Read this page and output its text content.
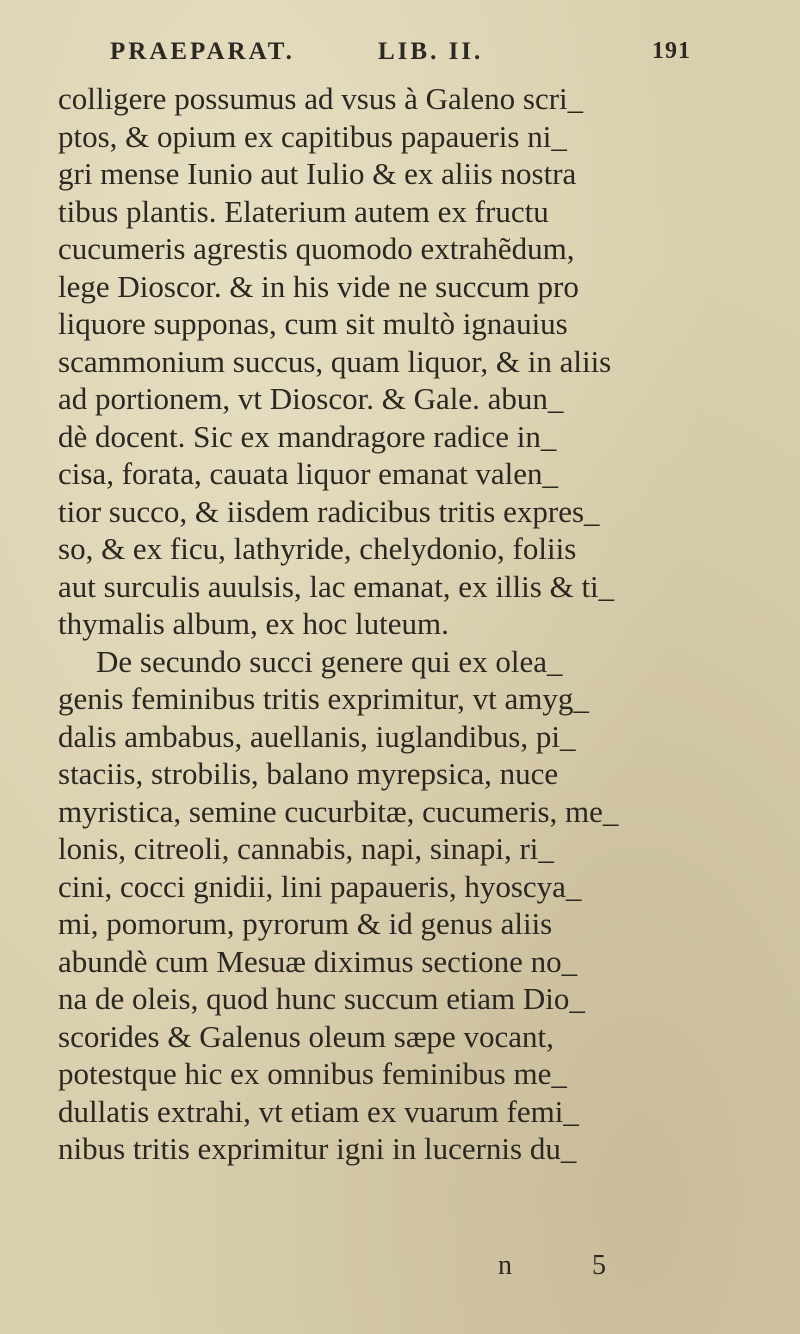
PRAEPARAT.	LIB. II.	191
colligere possumus ad vsus à Galeno scri_
ptos, & opium ex capitibus papaueris ni_
gri mense Iunio aut Iulio & ex aliis nostra
tibus plantis. Elaterium autem ex fructu
cucumeris agrestis quomodo extrahẽdum,
lege Dioscor. & in his vide ne succum pro
liquore supponas, cum sit multò ignauius
scammonium succus, quam liquor, & in aliis
ad portionem, vt Dioscor. & Gale. abun_
dè docent. Sic ex mandragore radice in_
cisa, forata, cauata liquor emanat valen_
tior succo, & iisdem radicibus tritis expres_
so, & ex ficu, lathyride, chelydonio, foliis
aut surculis auulsis, lac emanat, ex illis & ti_
thymalis album, ex hoc luteum.
De secundo succi genere qui ex olea_
genis feminibus tritis exprimitur, vt amyg_
dalis ambabus, auellanis, iuglandibus, pi_
staciis, strobilis, balano myrepsica, nuce
myristica, semine cucurbitæ, cucumeris, me_
lonis, citreoli, cannabis, napi, sinapi, ri_
cini, cocci gnidii, lini papaueris, hyoscya_
mi, pomorum, pyrorum & id genus aliis
abundè cum Mesuæ diximus sectione no_
na de oleis, quod hunc succum etiam Dio_
scorides & Galenus oleum sæpe vocant,
potestque hic ex omnibus feminibus me_
dullatis extrahi, vt etiam ex vuarum femi_
nibus tritis exprimitur igni in lucernis du_
n	5
